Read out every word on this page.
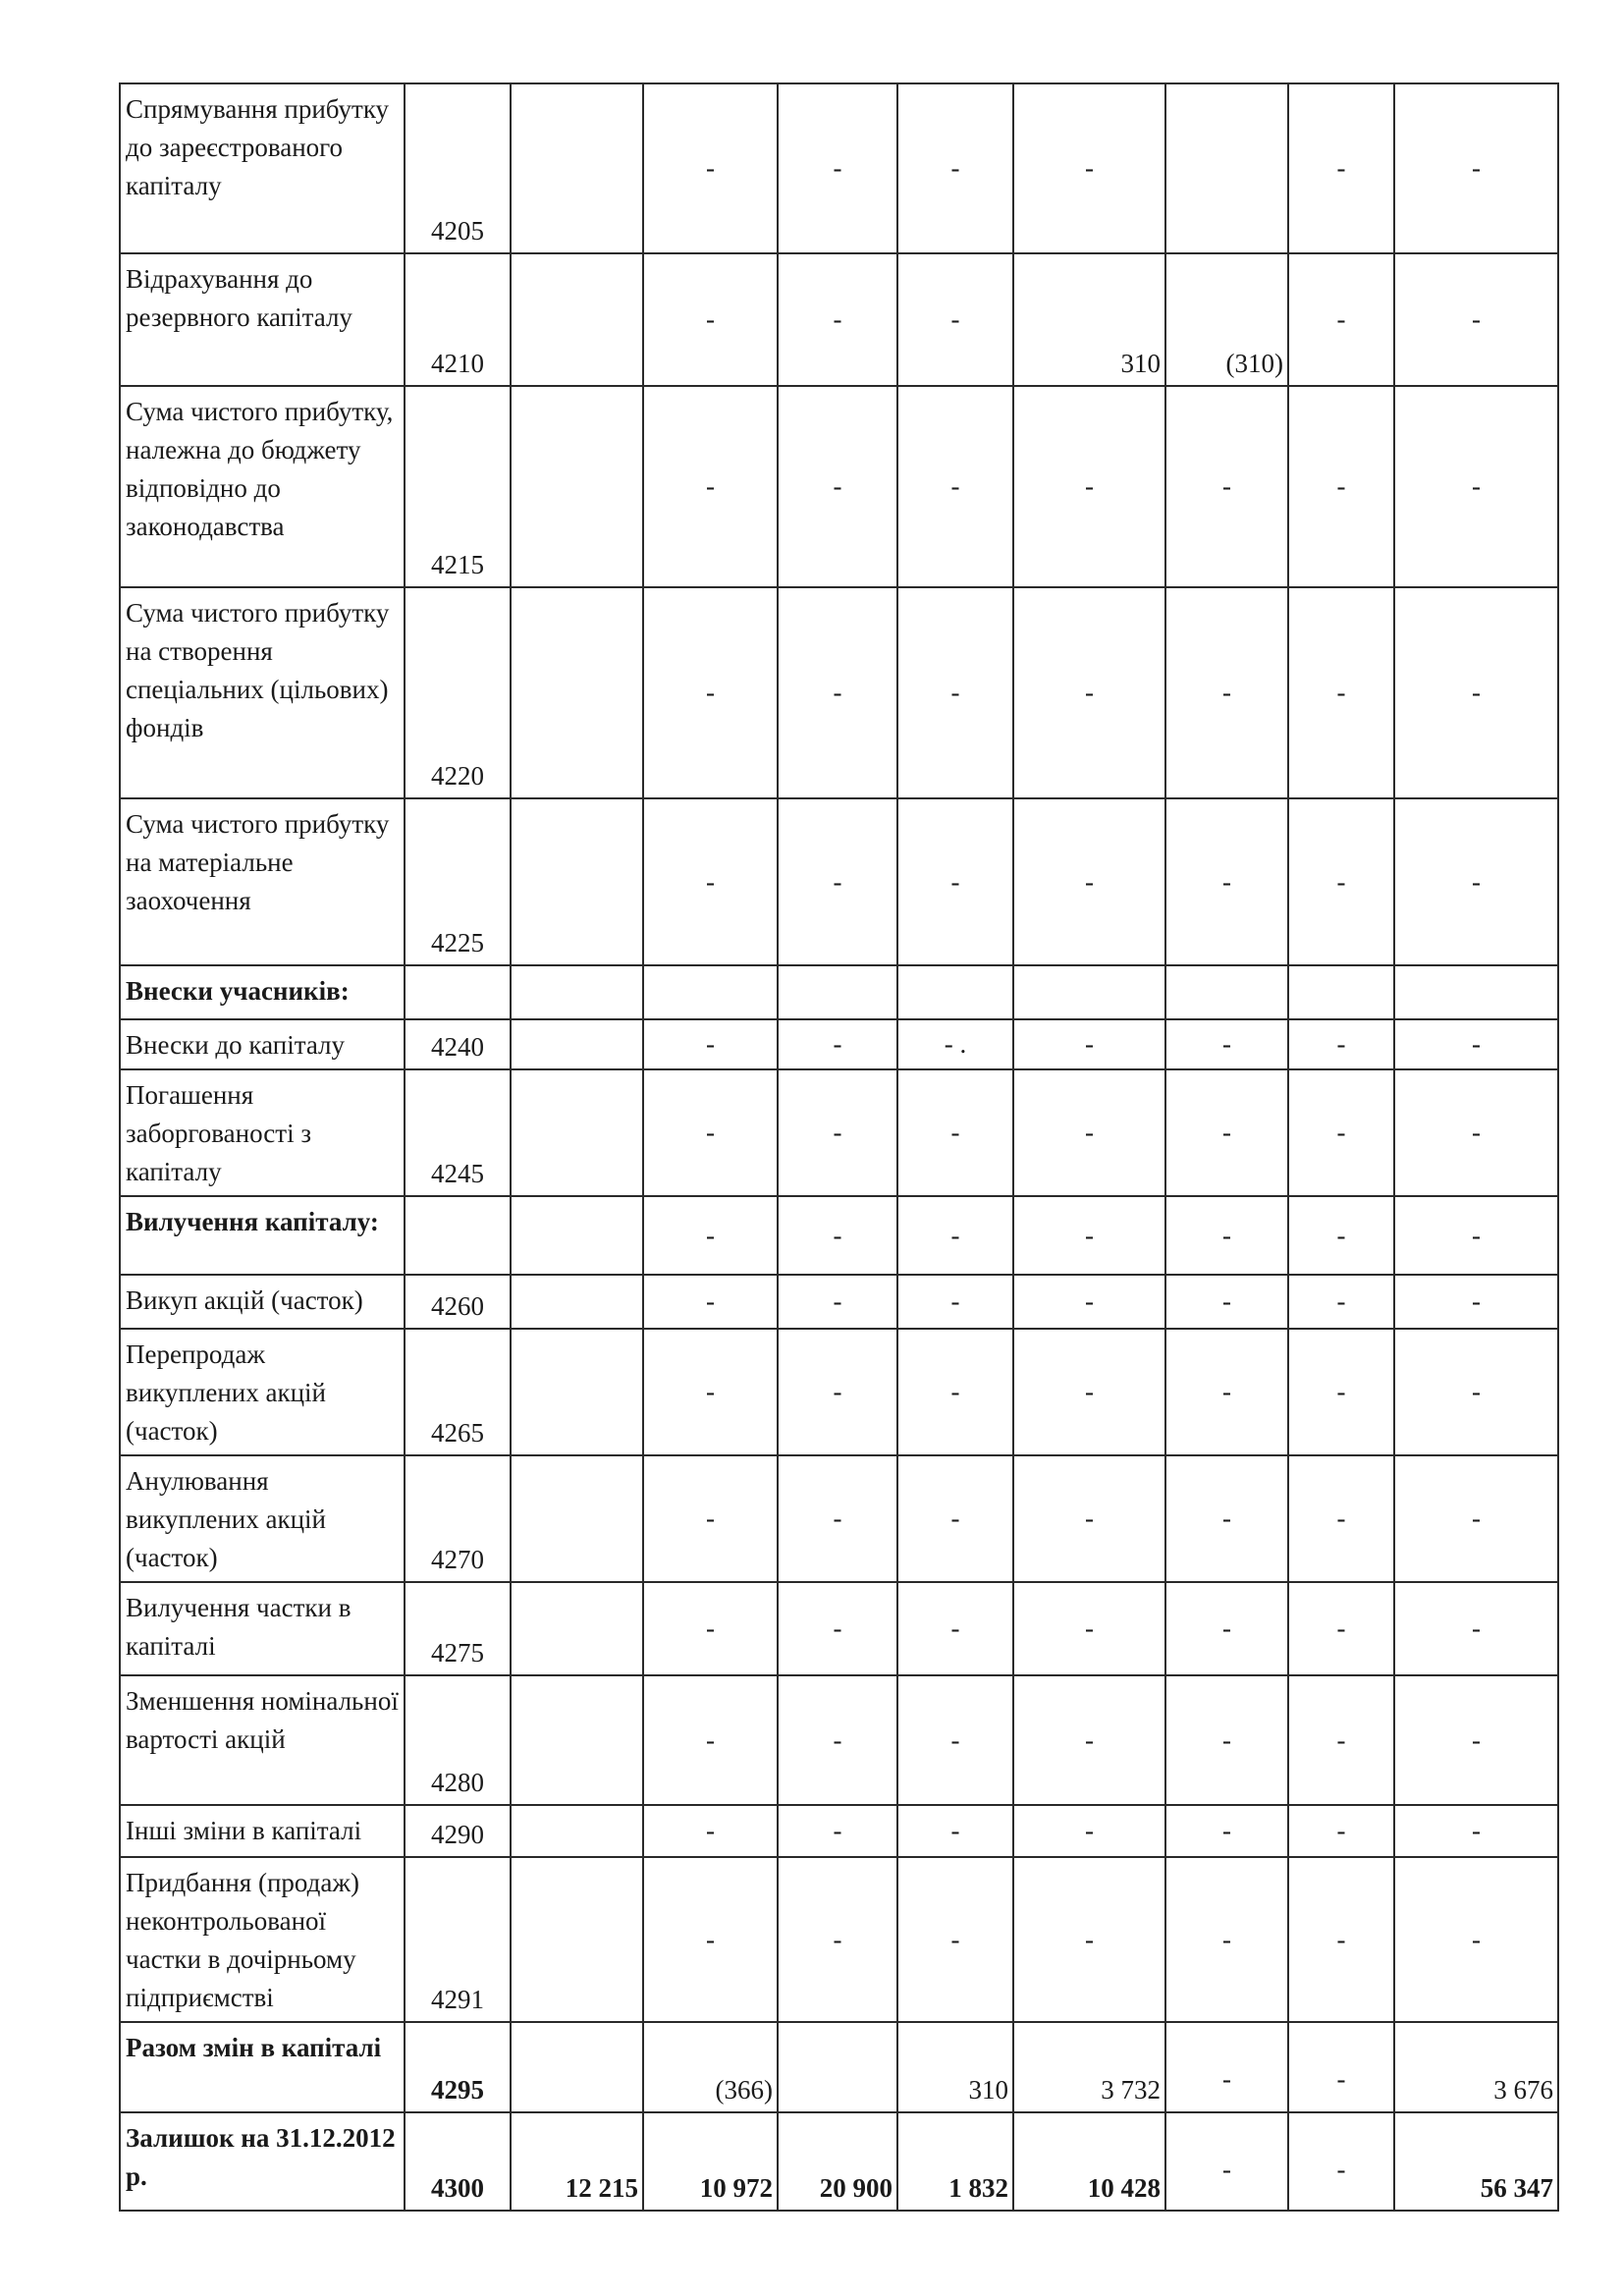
Спрямування прибутку до зареєстрованого капіталу	4205		-	-	-	-		-	-
Відрахування до резервного капіталу	4210		-	-	-	310	(310)	-	-
Сума чистого прибутку, належна до бюджету відповідно до законодавства	4215		-	-	-	-	-	-	-
Сума чистого прибутку на створення спеціальних (цільових) фондів	4220		-	-	-	-	-	-	-
Сума чистого прибутку на матеріальне заохочення	4225		-	-	-	-	-	-	-
Внески учасників:									
Внески до капіталу	4240		-	-	- .	-	-	-	-
Погашення заборгованості з капіталу	4245		-	-	-	-	-	-	-
Вилучення капіталу:			-	-	-	-	-	-	-
Викуп акцій (часток)	4260		-	-	-	-	-	-	-
Перепродаж викуплених акцій (часток)	4265		-	-	-	-	-	-	-
Анулювання викуплених акцій (часток)	4270		-	-	-	-	-	-	-
Вилучення частки в капіталі	4275		-	-	-	-	-	-	-
Зменшення номінальної вартості акцій	4280		-	-	-	-	-	-	-
Інші зміни в капіталі	4290		-	-	-	-	-	-	-
Придбання (продаж) неконтрольованої частки в дочірньому підприємстві	4291		-	-	-	-	-	-	-
Разом змін в капіталі	4295		(366)		310	3 732	-	-	3 676
Залишок на 31.12.2012 р.	4300	12 215	10 972	20 900	1 832	10 428	-	-	56 347
